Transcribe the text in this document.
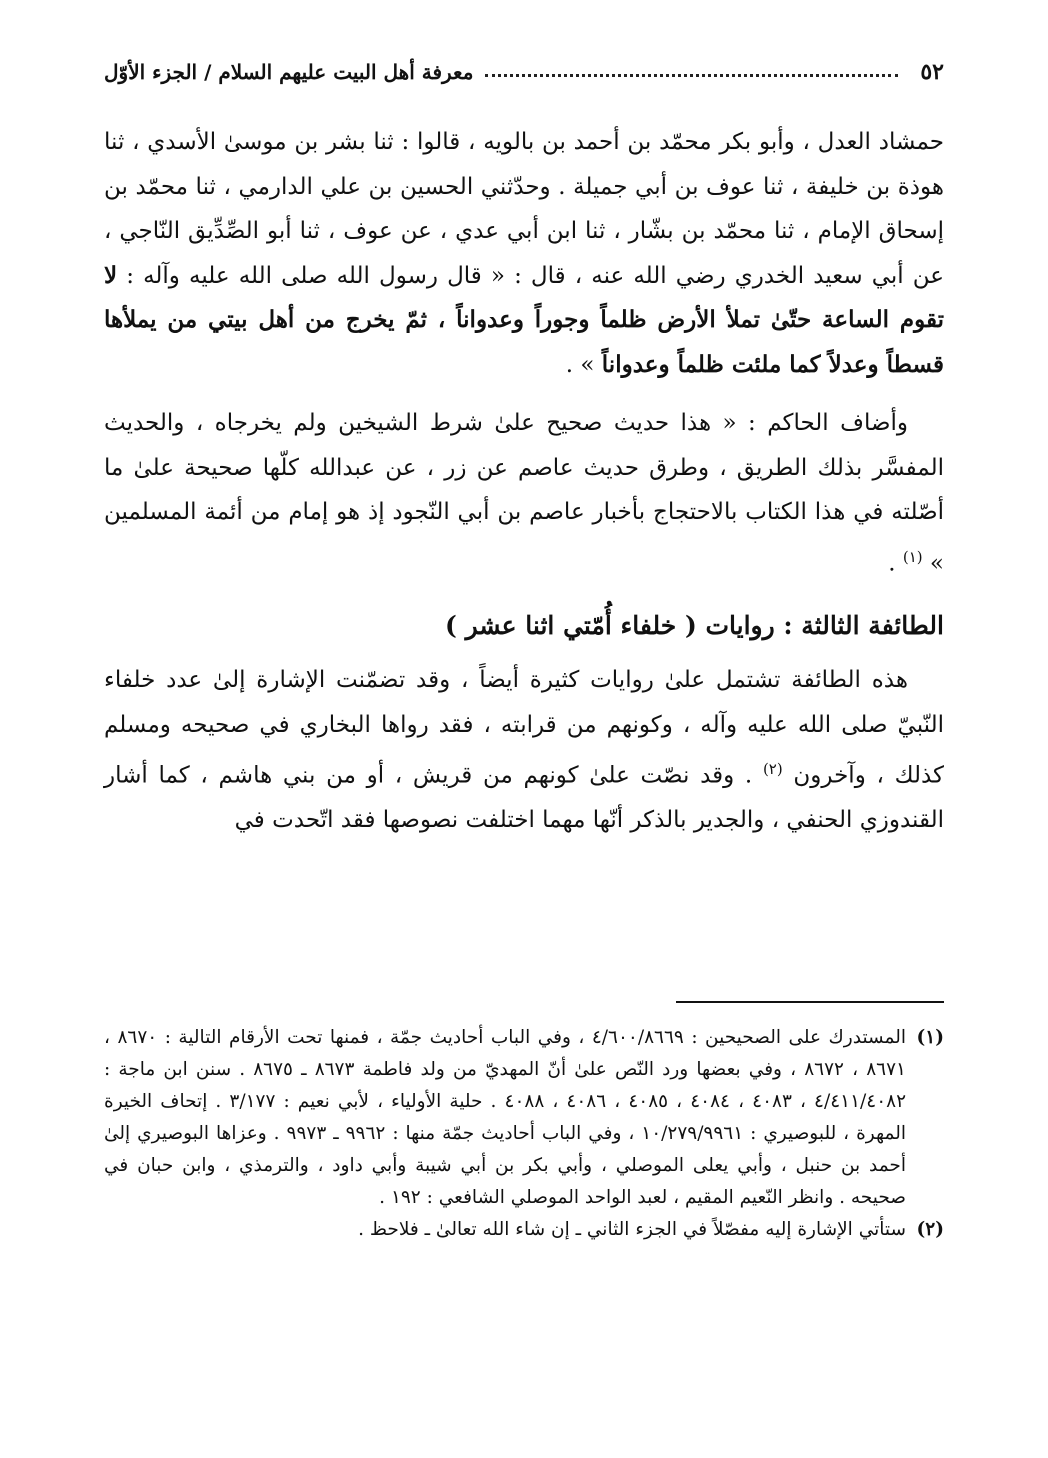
٥٢
معرفة أهل البيت عليهم السلام / الجزء الأوّل

حمشاد العدل ، وأبو بكر محمّد بن أحمد بن بالويه ، قالوا : ثنا بشر بن موسىٰ الأسدي ، ثنا هوذة بن خليفة ، ثنا عوف بن أبي جميلة . وحدّثني الحسين بن علي الدارمي ، ثنا محمّد بن إسحاق الإمام ، ثنا محمّد بن بشّار ، ثنا ابن أبي عدي ، عن عوف ، ثنا أبو الصِّدِّيق النّاجي ، عن أبي سعيد الخدري رضي الله عنه ، قال : « قال رسول الله صلى الله عليه وآله : لا تقوم الساعة حتّىٰ تملأ الأرض ظلماً وجوراً وعدواناً ، ثمّ يخرج من أهل بيتي من يملأها قسطاً وعدلاً كما ملئت ظلماً وعدواناً » .

وأضاف الحاكم : « هذا حديث صحيح علىٰ شرط الشيخين ولم يخرجاه ، والحديث المفسَّر بذلك الطريق ، وطرق حديث عاصم عن زر ، عن عبدالله كلّها صحيحة علىٰ ما أصّلته في هذا الكتاب بالاحتجاج بأخبار عاصم بن أبي النّجود إذ هو إمام من أئمة المسلمين » $^{(١)}$ .

الطائفة الثالثة : روايات ( خلفاء أُمّتي اثنا عشر )

هذه الطائفة تشتمل علىٰ روايات كثيرة أيضاً ، وقد تضمّنت الإشارة إلىٰ عدد خلفاء النّبيّ صلى الله عليه وآله ، وكونهم من قرابته ، فقد رواها البخاري في صحيحه ومسلم كذلك ، وآخرون $^{(٢)}$ . وقد نصّت علىٰ كونهم من قريش ، أو من بني هاشم ، كما أشار القندوزي الحنفي ، والجدير بالذكر أنّها مهما اختلفت نصوصها فقد اتّحدت في

(١)
المستدرك على الصحيحين : ٤/٦٠٠/٨٦٦٩ ، وفي الباب أحاديث جمّة ، فمنها تحت الأرقام التالية : ٨٦٧٠ ، ٨٦٧١ ، ٨٦٧٢ ، وفي بعضها ورد النّص علىٰ أنّ المهديّ من ولد فاطمة ٨٦٧٣ ـ ٨٦٧٥ . سنن ابن ماجة : ٤/٤١١/٤٠٨٢ ، ٤٠٨٣ ، ٤٠٨٤ ، ٤٠٨٥ ، ٤٠٨٦ ، ٤٠٨٨ . حلية الأولياء ، لأبي نعيم : ٣/١٧٧ . إتحاف الخيرة المهرة ، للبوصيري : ١٠/٢٧٩/٩٩٦١ ، وفي الباب أحاديث جمّة منها : ٩٩٦٢ ـ ٩٩٧٣ . وعزاها البوصيري إلىٰ أحمد بن حنبل ، وأبي يعلى الموصلي ، وأبي بكر بن أبي شيبة وأبي داود ، والترمذي ، وابن حبان في صحيحه . وانظر النّعيم المقيم ، لعبد الواحد الموصلي الشافعي : ١٩٢ .
(٢)
ستأتي الإشارة إليه مفصّلاً في الجزء الثاني ـ إن شاء الله تعالىٰ ـ فلاحظ .
